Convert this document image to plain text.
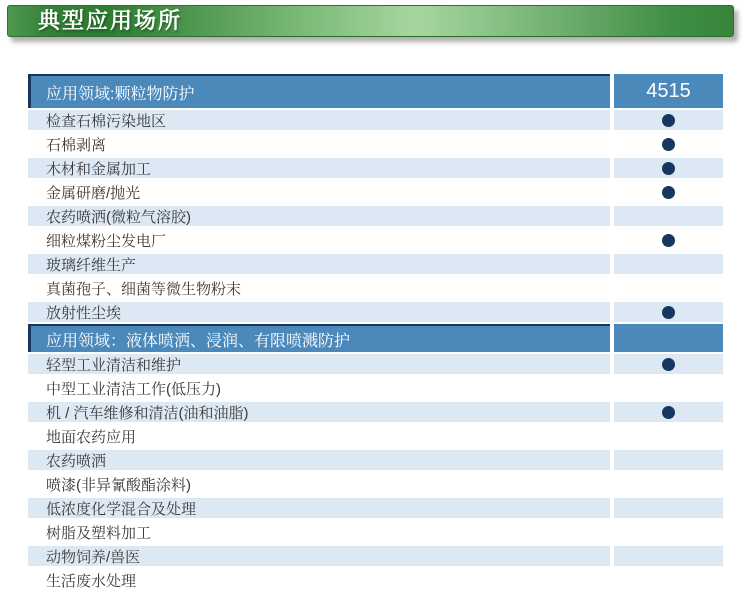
典型应用场所
应用领域:颗粒物防护	4515
检查石棉污染地区
石棉剥离
木材和金属加工
金属研磨/抛光
农药喷洒(微粒气溶胶)
细粒煤粉尘发电厂
玻璃纤维生产
真菌孢子、细菌等微生物粉末
放射性尘埃
应用领域：液体喷洒、浸润、有限喷溅防护
轻型工业清洁和维护
中型工业清洁工作(低压力)
机 / 汽车维修和清洁(油和油脂)
地面农药应用
农药喷洒
喷漆(非异氰酸酯涂料)
低浓度化学混合及处理
树脂及塑料加工
动物饲养/兽医
生活废水处理
